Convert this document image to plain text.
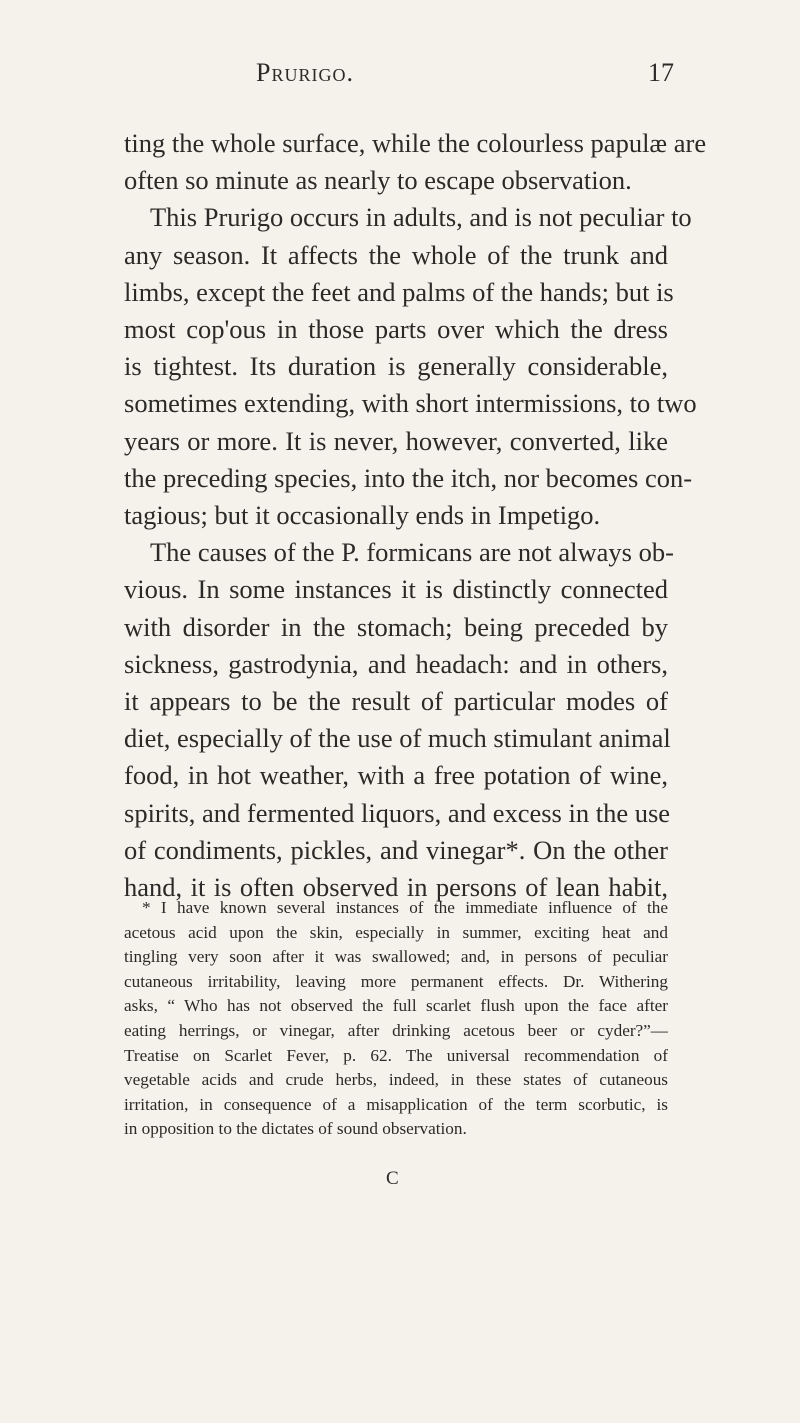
Prurigo.	17
ting the whole surface, while the colourless papulæ are
often so minute as nearly to escape observation.
This Prurigo occurs in adults, and is not peculiar to
any season. It affects the whole of the trunk and
limbs, except the feet and palms of the hands; but is
most cop'ous in those parts over which the dress
is tightest. Its duration is generally considerable,
sometimes extending, with short intermissions, to two
years or more. It is never, however, converted, like
the preceding species, into the itch, nor becomes con-
tagious; but it occasionally ends in Impetigo.
The causes of the P. formicans are not always ob-
vious. In some instances it is distinctly connected
with disorder in the stomach; being preceded by
sickness, gastrodynia, and headach: and in others,
it appears to be the result of particular modes of
diet, especially of the use of much stimulant animal
food, in hot weather, with a free potation of wine,
spirits, and fermented liquors, and excess in the use
of condiments, pickles, and vinegar*. On the other
hand, it is often observed in persons of lean habit,
* I have known several instances of the immediate influence of the
acetous acid upon the skin, especially in summer, exciting heat and
tingling very soon after it was swallowed; and, in persons of peculiar
cutaneous irritability, leaving more permanent effects. Dr. Withering
asks, “ Who has not observed the full scarlet flush upon the face after
eating herrings, or vinegar, after drinking acetous beer or cyder?”—
Treatise on Scarlet Fever, p. 62. The universal recommendation of
vegetable acids and crude herbs, indeed, in these states of cutaneous
irritation, in consequence of a misapplication of the term scorbutic, is
in opposition to the dictates of sound observation.
C
